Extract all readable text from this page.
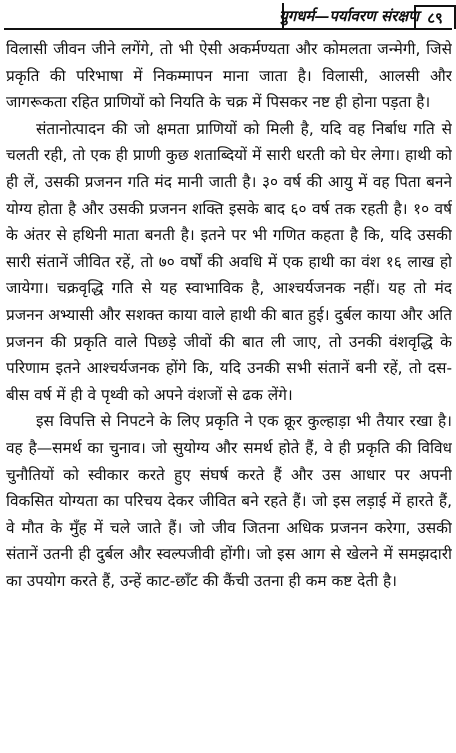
युगधर्म—पर्यावरण संरक्षण ८९

विलासी जीवन जीने लगेंगे, तो भी ऐसी अकर्मण्यता और कोमलता जन्मेगी, जिसे प्रकृति की परिभाषा में निकम्मापन माना जाता है। विलासी, आलसी और जागरूकता रहित प्राणियों को नियति के चक्र में पिसकर नष्ट ही होना पड़ता है।

संतानोत्पादन की जो क्षमता प्राणियों को मिली है, यदि वह निर्बाध गति से चलती रही, तो एक ही प्राणी कुछ शताब्दियों में सारी धरती को घेर लेगा। हाथी को ही लें, उसकी प्रजनन गति मंद मानी जाती है। ३० वर्ष की आयु में वह पिता बनने योग्य होता है और उसकी प्रजनन शक्ति इसके बाद ६० वर्ष तक रहती है। १० वर्ष के अंतर से हथिनी माता बनती है। इतने पर भी गणित कहता है कि, यदि उसकी सारी संतानें जीवित रहें, तो ७० वर्षों की अवधि में एक हाथी का वंश १६ लाख हो जायेगा। चक्रवृद्धि गति से यह स्वाभाविक है, आश्चर्यजनक नहीं। यह तो मंद प्रजनन अभ्यासी और सशक्त काया वाले हाथी की बात हुई। दुर्बल काया और अति प्रजनन की प्रकृति वाले पिछड़े जीवों की बात ली जाए, तो उनकी वंशवृद्धि के परिणाम इतने आश्चर्यजनक होंगे कि, यदि उनकी सभी संतानें बनी रहें, तो दस-बीस वर्ष में ही वे पृथ्वी को अपने वंशजों से ढक लेंगे।

इस विपत्ति से निपटने के लिए प्रकृति ने एक क्रूर कुल्हाड़ा भी तैयार रखा है। वह है—समर्थ का चुनाव। जो सुयोग्य और समर्थ होते हैं, वे ही प्रकृति की विविध चुनौतियों को स्वीकार करते हुए संघर्ष करते हैं और उस आधार पर अपनी विकसित योग्यता का परिचय देकर जीवित बने रहते हैं। जो इस लड़ाई में हारते हैं, वे मौत के मुँह में चले जाते हैं। जो जीव जितना अधिक प्रजनन करेगा, उसकी संतानें उतनी ही दुर्बल और स्वल्पजीवी होंगी। जो इस आग से खेलने में समझदारी का उपयोग करते हैं, उन्हें काट-छाँट की कैंची उतना ही कम कष्ट देती है।
